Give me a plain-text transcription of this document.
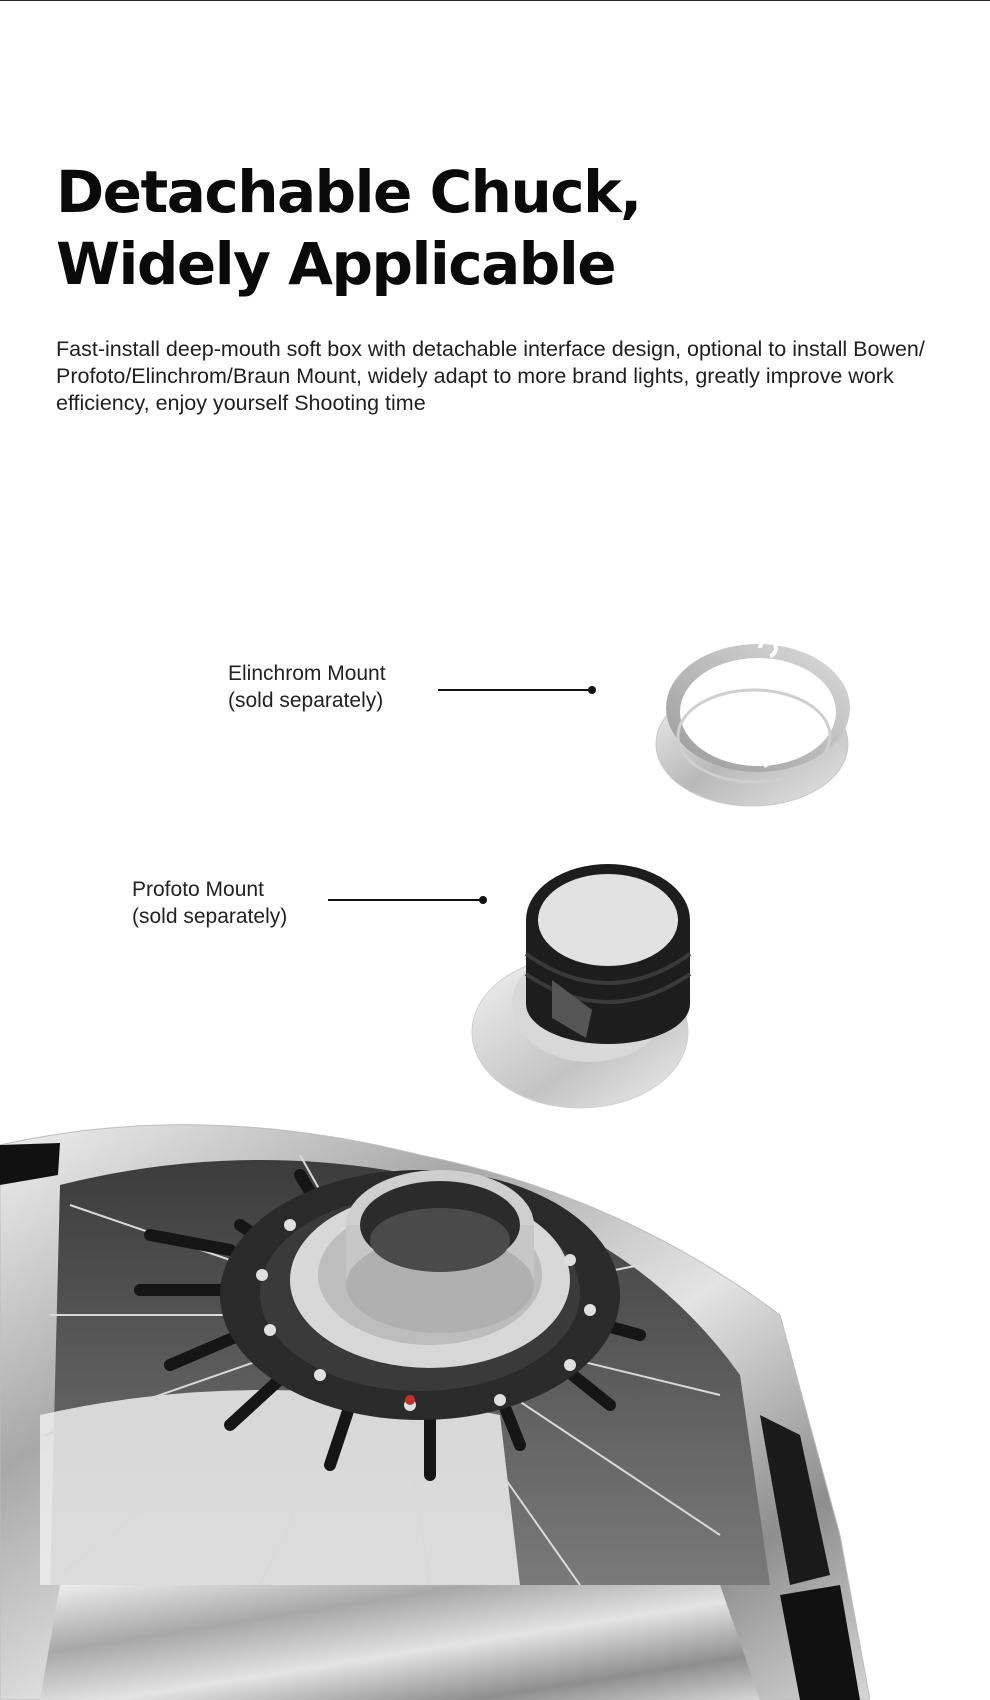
Detachable Chuck,
Widely Applicable

Fast-install deep-mouth soft box with detachable interface design, optional to install Bowen/ Profoto/Elinchrom/Braun Mount, widely adapt to more brand lights, greatly improve work efficiency, enjoy yourself Shooting time

Elinchrom Mount
(sold separately)
Profoto Mount
(sold separately)
